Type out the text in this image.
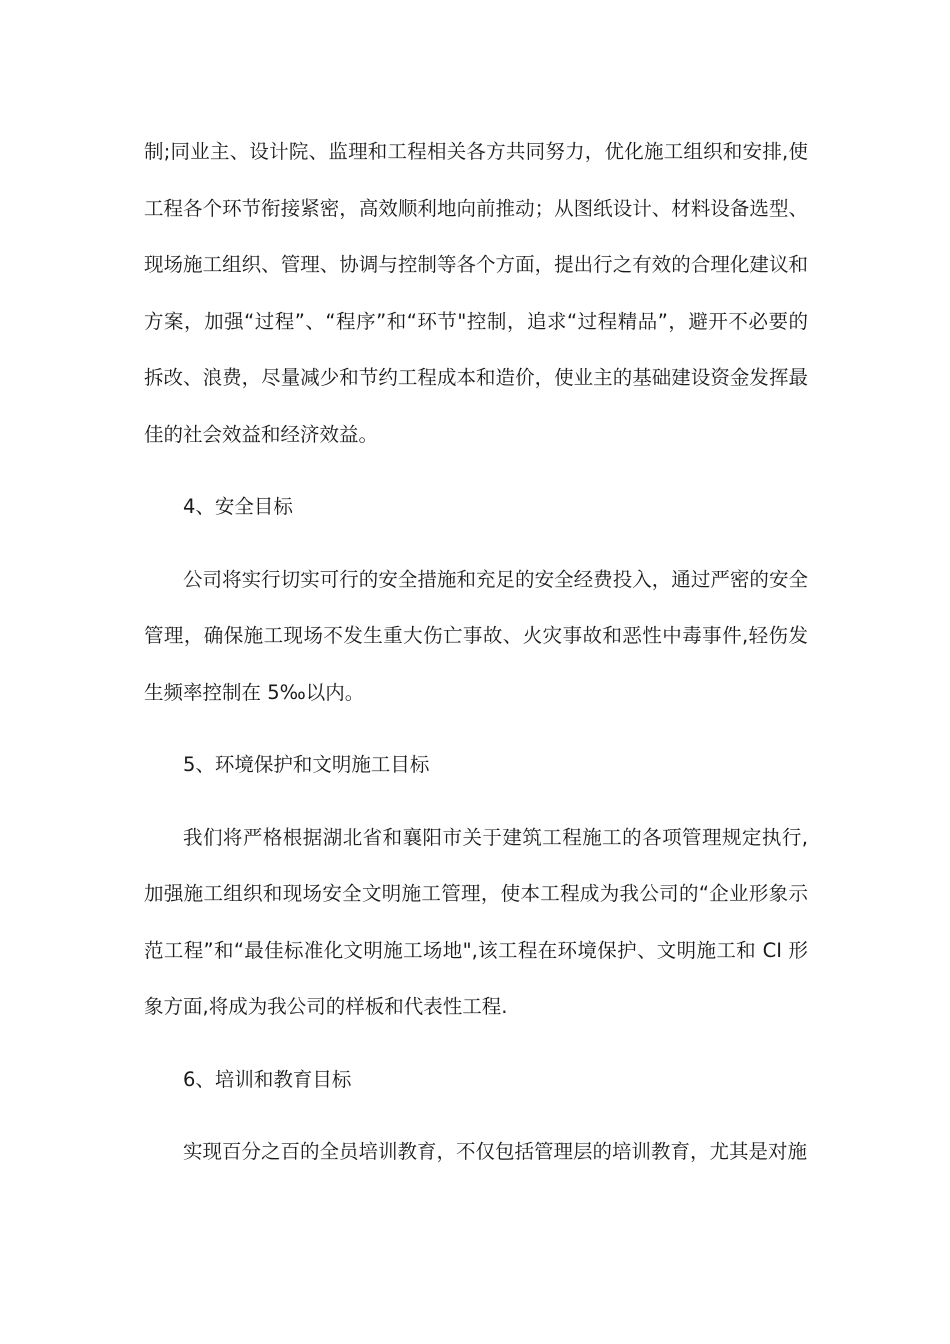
制;同业主、设计院、监理和工程相关各方共同努力，优化施工组织和安排,使工程各个环节衔接紧密，高效顺利地向前推动；从图纸设计、材料设备选型、现场施工组织、管理、协调与控制等各个方面，提出行之有效的合理化建议和方案，加强“过程”、“程序”和“环节"控制，追求“过程精品”，避开不必要的拆改、浪费，尽量减少和节约工程成本和造价，使业主的基础建设资金发挥最佳的社会效益和经济效益。

4、安全目标

公司将实行切实可行的安全措施和充足的安全经费投入，通过严密的安全管理，确保施工现场不发生重大伤亡事故、火灾事故和恶性中毒事件,轻伤发生频率控制在 5‰以内。

5、环境保护和文明施工目标

我们将严格根据湖北省和襄阳市关于建筑工程施工的各项管理规定执行,加强施工组织和现场安全文明施工管理，使本工程成为我公司的“企业形象示范工程”和“最佳标准化文明施工场地",该工程在环境保护、文明施工和 CI 形象方面,将成为我公司的样板和代表性工程.

6、培训和教育目标

实现百分之百的全员培训教育，不仅包括管理层的培训教育，尤其是对施
